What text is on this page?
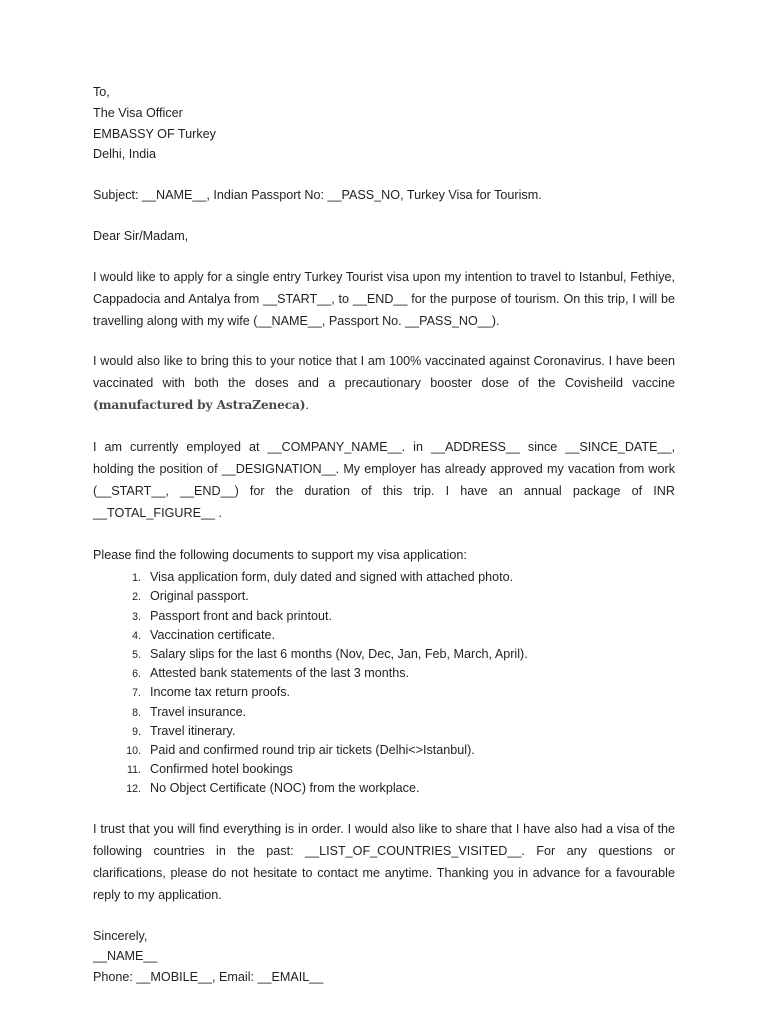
To,
The Visa Officer
EMBASSY OF Turkey
Delhi, India
Subject: __NAME__, Indian Passport No: __PASS_NO, Turkey Visa for Tourism.
Dear Sir/Madam,

I would like to apply for a single entry Turkey Tourist visa upon my intention to travel to Istanbul, Fethiye, Cappadocia and Antalya from __START__, to __END__ for the purpose of tourism. On this trip, I will be travelling along with my wife (__NAME__, Passport No. __PASS_NO__).

I would also like to bring this to your notice that I am 100% vaccinated against Coronavirus. I have been vaccinated with both the doses and a precautionary booster dose of the Covisheild vaccine (manufactured by AstraZeneca).

I am currently employed at __COMPANY_NAME__. in __ADDRESS__ since __SINCE_DATE__, holding the position of __DESIGNATION__. My employer has already approved my vacation from work (__START__, __END__) for the duration of this trip. I have an annual package of INR __TOTAL_FIGURE__ .

Please find the following documents to support my visa application:
1. Visa application form, duly dated and signed with attached photo.
2. Original passport.
3. Passport front and back printout.
4. Vaccination certificate.
5. Salary slips for the last 6 months (Nov, Dec, Jan, Feb, March, April).
6. Attested bank statements of the last 3 months.
7. Income tax return proofs.
8. Travel insurance.
9. Travel itinerary.
10. Paid and confirmed round trip air tickets (Delhi<>Istanbul).
11. Confirmed hotel bookings
12. No Object Certificate (NOC) from the workplace.

I trust that you will find everything is in order. I would also like to share that I have also had a visa of the following countries in the past: __LIST_OF_COUNTRIES_VISITED__. For any questions or clarifications, please do not hesitate to contact me anytime. Thanking you in advance for a favourable reply to my application.

Sincerely,
__NAME__
Phone: __MOBILE__, Email: __EMAIL__
